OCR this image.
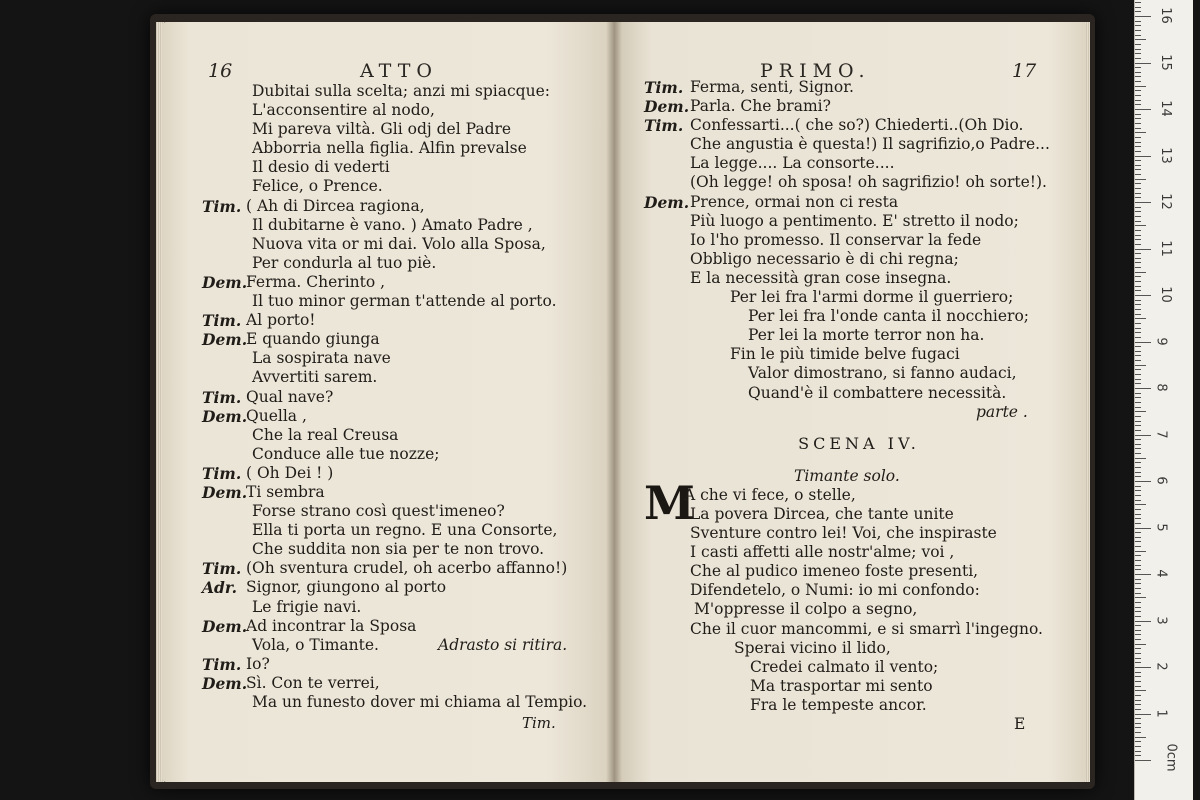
16	ATTO
Dubitai sulla scelta; anzi mi spiacque:
L'acconsentire al nodo,
Mi pareva viltà. Gli odj del Padre
Abborria nella figlia. Alfin prevalse
Il desio di vederti
Felice, o Prence.
Tim. ( Ah di Dircea ragiona,
Il dubitarne è vano. ) Amato Padre ,
Nuova vita or mi dai. Volo alla Sposa,
Per condurla al tuo piè.
Dem.
Ferma. Cherinto ,
Il tuo minor german t'attende al porto.
Tim. Al porto!
Dem.
E quando giunga
La sospirata nave
Avvertiti sarem.
Tim. Qual nave?
Dem.
Quella ,
Che la real Creusa
Conduce alle tue nozze;
Tim. ( Oh Dei ! )
Dem.
Ti sembra
Forse strano così quest'imeneo?
Ella ti porta un regno. E una Consorte,
Che suddita non sia per te non trovo.
Tim. (Oh sventura crudel, oh acerbo affanno!)
Adr. Signor, giungono al porto
Le frigie navi.
Dem.
Ad incontrar la Sposa
Vola, o Timante.	Adrasto si ritira.
Tim. Io?
Dem.
Sì. Con te verrei,
Ma un funesto dover mi chiama al Tempio.
Tim.
PRIMO.	17
Tim. Ferma, senti, Signor.
Dem. Parla. Che brami?
Tim. Confessarti...( che so?) Chiederti..(Oh Dio.
Che angustia è questa!) Il sagrifizio,o Padre...
La legge.... La consorte....
(Oh legge! oh sposa! oh sagrifizio! oh sorte!).
Dem. Prence, ormai non ci resta
Più luogo a pentimento. E' stretto il nodo;
Io l'ho promesso. Il conservar la fede
Obbligo necessario è di chi regna;
E la necessità gran cose insegna.
Per lei fra l'armi dorme il guerriero;
Per lei fra l'onde canta il nocchiero;
Per lei la morte terror non ha.
Fin le più timide belve fugaci
Valor dimostrano, si fanno audaci,
Quand'è il combattere necessità.
parte .
SCENA IV.
Timante solo.
M
A che vi fece, o stelle,
La povera Dircea, che tante unite
Sventure contro lei! Voi, che inspiraste
I casti affetti alle nostr'alme; voi ,
Che al pudico imeneo foste presenti,
Difendetelo, o Numi: io mi confondo:
M'oppresse il colpo a segno,
Che il cuor mancommi, e si smarrì l'ingegno.
Sperai vicino il lido,
Credei calmato il vento;
Ma trasportar mi sento
Fra le tempeste ancor.
E
0cm
1
2
3
4
5
6
7
8
9
10
11
12
13
14
15
16
